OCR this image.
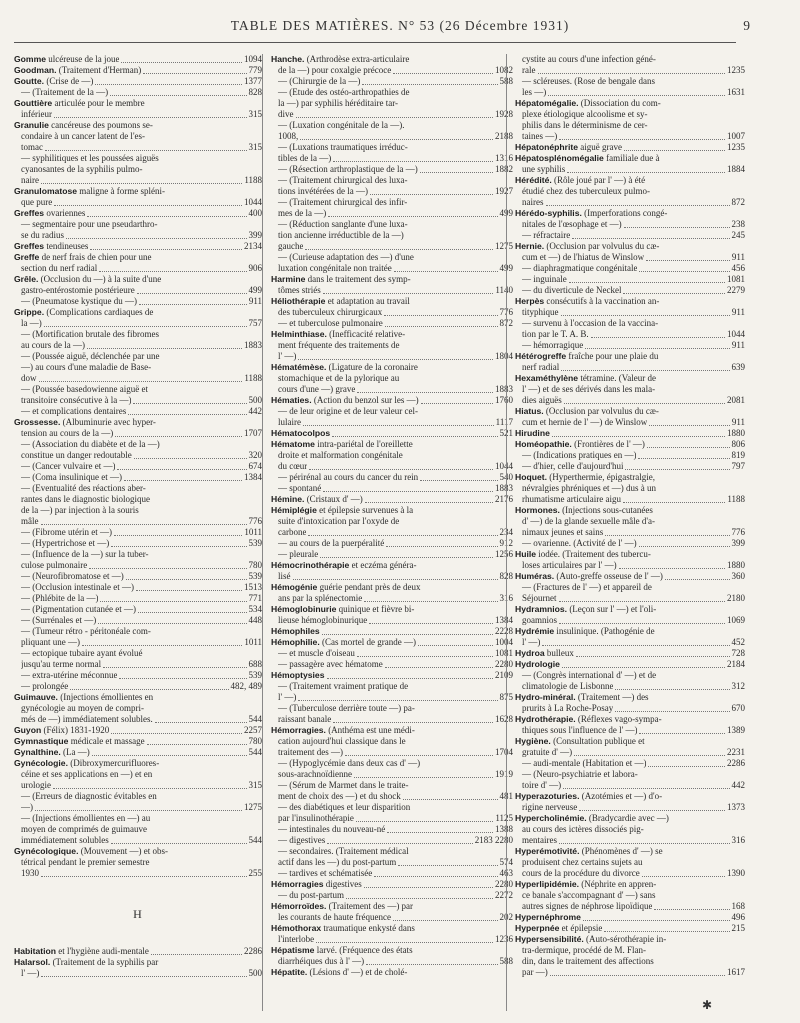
TABLE DES MATIÈRES. N° 53 (26 Décembre 1931)	9
Gomme ulcéreuse de la joue	1094
Goodman. (Traitement d'Herman)	779
Goutte. (Crise de —)	1377
— (Traitement de la —)	828
Gouttière articulée pour le membre
inférieur	315
Granulie cancéreuse des poumons se-
condaire à un cancer latent de l'es-
tomac	315
— syphilitiques et les poussées aiguës
cyanosantes de la syphilis pulmo-
naire	1188
Granulomatose maligne à forme spléni-
que pure	1044
Greffes ovariennes	400
— segmentaire pour une pseudarthro-
se du radius	399
Greffes tendineuses	2134
Greffe de nerf frais de chien pour une
section du nerf radial	906
Grêle. (Occlusion du —) à la suite d'une
gastro-entérostomie postérieure	499
— (Pneumatose kystique du —)	911
Grippe. (Complications cardiaques de
la —)	757
— (Mortification brutale des fibromes
au cours de la —)	1883
— (Poussée aiguë, déclenchée par une
—) au cours d'une maladie de Base-
dow	1188
— (Poussée basedowienne aiguë et
transitoire consécutive à la —)	500
— et complications dentaires	442
Grossesse. (Albuminurie avec hyper-
tension au cours de la —)	1707
— (Association du diabète et de la —)
constitue un danger redoutable	320
— (Cancer vulvaire et —)	674
— (Coma insulinique et —)	1384
— (Eventualité des réactions aber-
rantes dans le diagnostic biologique
de la —) par injection à la souris
mâle	776
— (Fibrome utérin et —)	1011
— (Hypertrichose et —)	539
— (Influence de la —) sur la tuber-
culose pulmonaire	780
— (Neurofibromatose et —)	539
— (Occlusion intestinale et —)	1513
— (Phlébite de la —)	771
— (Pigmentation cutanée et —)	534
— (Surrénales et —)	448
— (Tumeur rétro - péritonéale com-
pliquant une —)	1011
— ectopique tubaire ayant évolué
jusqu'au terme normal	688
— extra-utérine méconnue	539
— prolongée	482, 489
Guimauve. (Injections émollientes en
gynécologie au moyen de compri-
més de —) immédiatement solubles.	544
Guyon (Félix) 1831-1920	2257
Gymnastique médicale et massage	780
Gynalthine. (La —)	544
Gynécologie. (Dibroxymercurifluores-
céine et ses applications en —) et en
urologie	315
— (Erreurs de diagnostic évitables en
—)	1275
— (Injections émollientes en —) au
moyen de comprimés de guimauve
immédiatement solubles	544
Gynécologique. (Mouvement —) et obs-
tétrical pendant le premier semestre
1930	255
H
Habitation et l'hygiène audi-mentale	2286
Halarsol. (Traitement de la syphilis par
l' —)	500
Hanche. (Arthrodèse extra-articulaire
de la —) pour coxalgie précoce	1082
— (Chirurgie de la —)	588
— (Etude des ostéo-arthropathies de
la —) par syphilis héréditaire tar-
dive	1928
— (Luxation congénitale de la —).
1008,	2188
— (Luxations traumatiques irréduc-
tibles de la —)	1316
— (Résection arthroplastique de la —)	1882
— (Traitement chirurgical des luxa-
tions invétérées de la —)	1927
— (Traitement chirurgical des infir-
mes de la —)	499
— (Réduction sanglante d'une luxa-
tion ancienne irréductible de la —)
gauche	1275
— (Curieuse adaptation des —) d'une
luxation congénitale non traitée	499
Harmine dans le traitement des symp-
tômes striés	1140
Héliothérapie et adaptation au travail
des tuberculeux chirurgicaux	776
— et tuberculose pulmonaire	872
Helminthiase. (Inefficacité relative-
ment fréquente des traitements de
l' —)	1804
Hématémèse. (Ligature de la coronaire
stomachique et de la pylorique au
cours d'une —) grave	1883
Hématies. (Action du benzol sur les —)	1760
— de leur origine et de leur valeur cel-
lulaire	1117
Hématocolpos	521
Hématome intra-pariétal de l'oreillette
droite et malformation congénitale
du cœur	1044
— périrénal au cours du cancer du rein	540
— spontané	1883
Hémine. (Cristaux d' —)	2176
Hémiplégie et épilepsie survenues à la
suite d'intoxication par l'oxyde de
carbone	234
— au cours de la puerpéralité	912
— pleurale	1256
Hémocrinothérapie et eczéma généra-
lisé	828
Hémogénie guérie pendant près de deux
ans par la splénectomie	316
Hémoglobinurie quinique et fièvre bi-
lieuse hémoglobinurique	1384
Hémophiles	2228
Hémophilie. (Cas mortel de grande —)	1004
— et muscle d'oiseau	1081
— passagère avec hématome	2280
Hémoptysies	2109
— (Traitement vraiment pratique de
l' —)	875
— (Tuberculose derrière toute —) pa-
raissant banale	1628
Hémorragies. (Anthéma est une médi-
cation aujourd'hui classique dans le
traitement des —)	1704
— (Hypoglycémie dans deux cas d' —)
sous-arachnoïdienne	1919
— (Sérum de Marmet dans le traite-
ment de choix des —) et du shock	481
— des diabétiques et leur disparition
par l'insulinothérapie	1125
— intestinales du nouveau-né	1388
— digestives	2183 2280
— secondaires. (Traitement médical
actif dans les —) du post-partum	574
— tardives et schématisée	463
Hémorragies digestives	2280
— du post-partum	2272
Hémorroïdes. (Traitement des —) par
les courants de haute fréquence	202
Hémothorax traumatique enkysté dans
l'interlobe	1236
Hépatisme larvé. (Fréquence des états
diarrhéiques dus à l' —)	588
Hépatite. (Lésions d' —) et de cholé-
cystite au cours d'une infection géné-
rale	1235
— scléreuses. (Rose de bengale dans
les —)	1631
Hépatomégalie. (Dissociation du com-
plexe étiologique alcoolisme et sy-
philis dans le déterminisme de cer-
taines —)	1007
Hépatonéphrite aiguë grave	1235
Hépatosplénomégalie familiale due à
une syphilis	1884
Hérédité. (Rôle joué par l' —) à été
étudié chez des tuberculeux pulmo-
naires	872
Hérédo-syphilis. (Imperforations congé-
nitales de l'œsophage et —)	238
— réfractaire	245
Hernie. (Occlusion par volvulus du cæ-
cum et —) de l'hiatus de Winslow	911
— diaphragmatique congénitale	456
— inguinale	1081
— du diverticule de Neckel	2279
Herpès consécutifs à la vaccination an-
tityphique	911
— survenu à l'occasion de la vaccina-
tion par le T. A. B.	1044
— hémorragique	911
Hétérogreffe fraîche pour une plaie du
nerf radial	639
Hexaméthylène tétramine. (Valeur de
l' —) et de ses dérivés dans les mala-
dies aiguës	2081
Hiatus. (Occlusion par volvulus du cæ-
cum et hernie de l' —) de Winslow	911
Hirudine	1880
Homéopathie. (Frontières de l' —)	806
— (Indications pratiques en —)	819
— d'hier, celle d'aujourd'hui	797
Hoquet. (Hyperthermie, épigastralgie,
névralgies phréniques et —) dus à un
rhumatisme articulaire aigu	1188
Hormones. (Injections sous-cutanées
d' —) de la glande sexuelle mâle d'a-
nimaux jeunes et sains	776
— ovarienne. (Activité de l' —)	399
Huile iodée. (Traitement des tubercu-
loses articulaires par l' —)	1880
Huméras. (Auto-greffe osseuse de l' —)	360
— (Fractures de l' —) et appareil de
Séjournet	2180
Hydramnios. (Leçon sur l' —) et l'oli-
goamnios	1069
Hydrémie insulinique. (Pathogénie de
l' —)	452
Hydroa bulleux	728
Hydrologie	2184
— (Congrès international d' —) et de
climatologie de Lisbonne	312
Hydro-minéral. (Traitement —) des
prurits à La Roche-Posay	670
Hydrothérapie. (Réflexes vago-sympa-
thiques sous l'influence de l' —)	1389
Hygiène. (Consultation publique et
gratuite d' —)	2231
— audi-mentale (Habitation et —)	2286
— (Neuro-psychiatrie et labora-
toire d' —)	442
Hyperazoturies. (Azotémies et —) d'o-
rigine nerveuse	1373
Hypercholinémie. (Bradycardie avec —)
au cours des ictères dissociés pig-
mentaires	316
Hyperémotivité. (Phénomènes d' —) se
produisent chez certains sujets au
cours de la procédure du divorce	1390
Hyperlipidémie. (Néphrite en appren-
ce banale s'accompagnant d' —) sans
autres signes de néphrose lipoïdique	168
Hypernéphrome	496
Hyperpnée et épilepsie	215
Hypersensibilité. (Auto-sérothérapie in-
tra-dermique, procédé de M. Flan-
din, dans le traitement des affections
par —)	1617
✱
